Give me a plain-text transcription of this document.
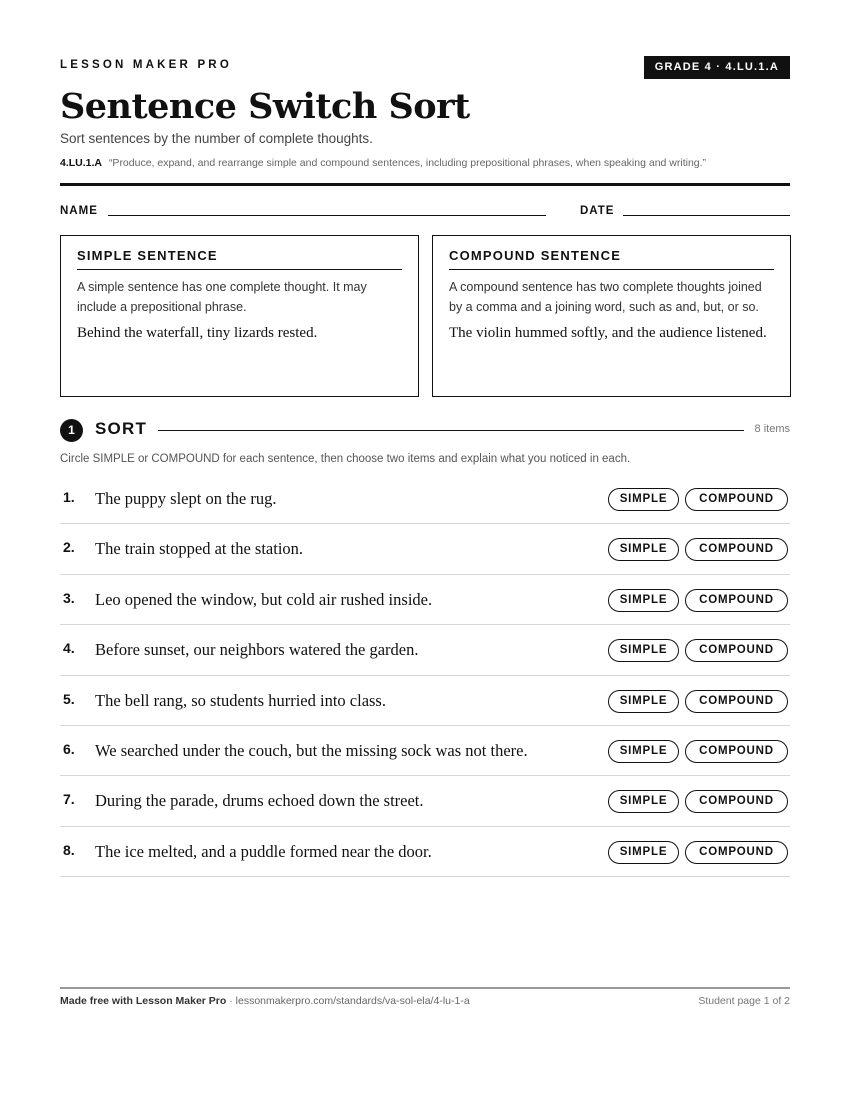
LESSON MAKER PRO	GRADE 4 · 4.LU.1.A
Sentence Switch Sort
Sort sentences by the number of complete thoughts.
4.LU.1.A “Produce, expand, and rearrange simple and compound sentences, including prepositional phrases, when speaking and writing.”
NAME	DATE
SIMPLE SENTENCE
A simple sentence has one complete thought. It may include a prepositional phrase.
Behind the waterfall, tiny lizards rested.
COMPOUND SENTENCE
A compound sentence has two complete thoughts joined by a comma and a joining word, such as and, but, or so.
The violin hummed softly, and the audience listened.
1	SORT	8 items
Circle SIMPLE or COMPOUND for each sentence, then choose two items and explain what you noticed in each.
1. The puppy slept on the rug.	SIMPLE	COMPOUND
2. The train stopped at the station.	SIMPLE	COMPOUND
3. Leo opened the window, but cold air rushed inside.	SIMPLE	COMPOUND
4. Before sunset, our neighbors watered the garden.	SIMPLE	COMPOUND
5. The bell rang, so students hurried into class.	SIMPLE	COMPOUND
6. We searched under the couch, but the missing sock was not there.	SIMPLE	COMPOUND
7. During the parade, drums echoed down the street.	SIMPLE	COMPOUND
8. The ice melted, and a puddle formed near the door.	SIMPLE	COMPOUND
Made free with Lesson Maker Pro · lessonmakerpro.com/standards/va-sol-ela/4-lu-1-a	Student page 1 of 2
